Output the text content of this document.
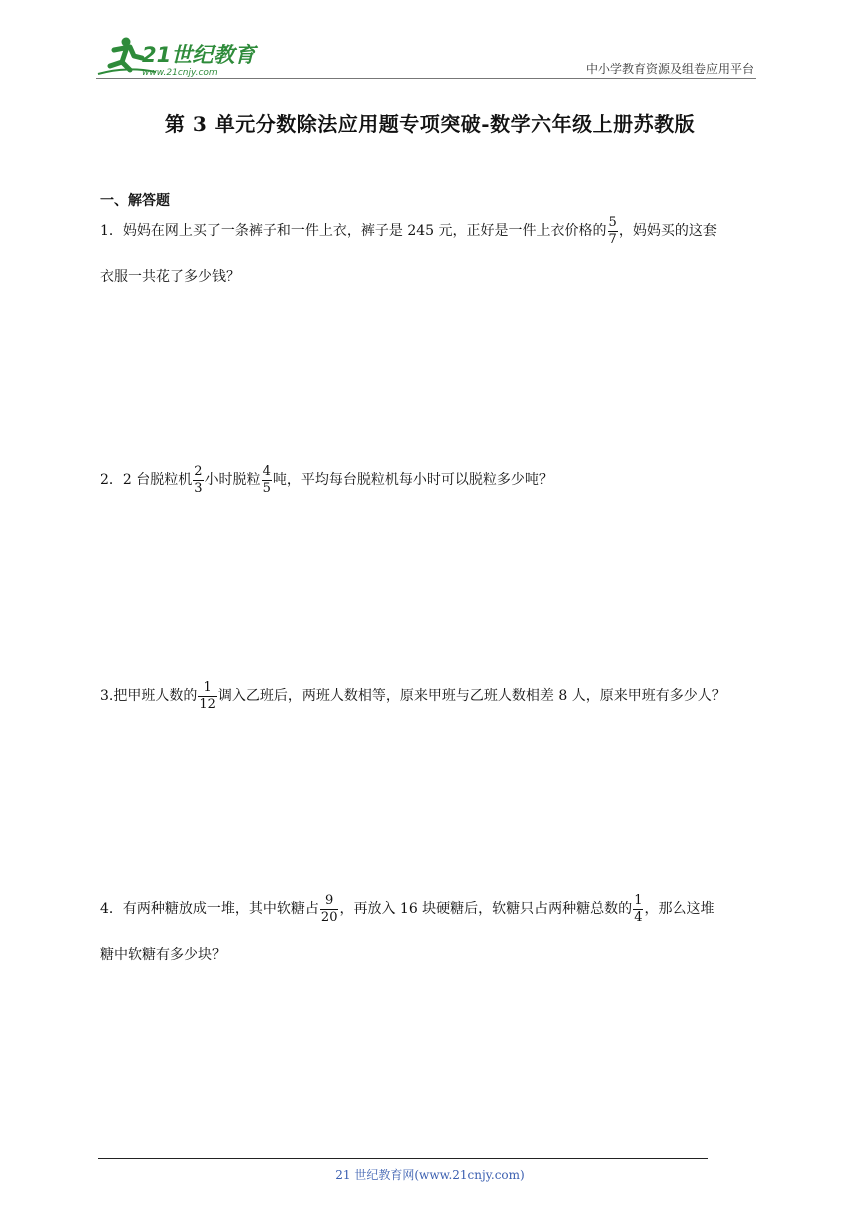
21世纪教育
www.21cnjy.com	中小学教育资源及组卷应用平台
第 3 单元分数除法应用题专项突破-数学六年级上册苏教版
一、解答题
1．妈妈在网上买了一条裤子和一件上衣，裤子是 245 元，正好是一件上衣价格的 $\frac{5}{7}$ ，妈妈买的这套
衣服一共花了多少钱？
2．2 台脱粒机 $\frac{2}{3}$ 小时脱粒 $\frac{4}{5}$ 吨，平均每台脱粒机每小时可以脱粒多少吨？
3.把甲班人数的 $\frac{1}{12}$ 调入乙班后，两班人数相等，原来甲班与乙班人数相差 8 人，原来甲班有多少人？
4．有两种糖放成一堆，其中软糖占 $\frac{9}{20}$ ，再放入 16 块硬糖后，软糖只占两种糖总数的 $\frac{1}{4}$ ，那么这堆
糖中软糖有多少块？
21 世纪教育网(www.21cnjy.com)
